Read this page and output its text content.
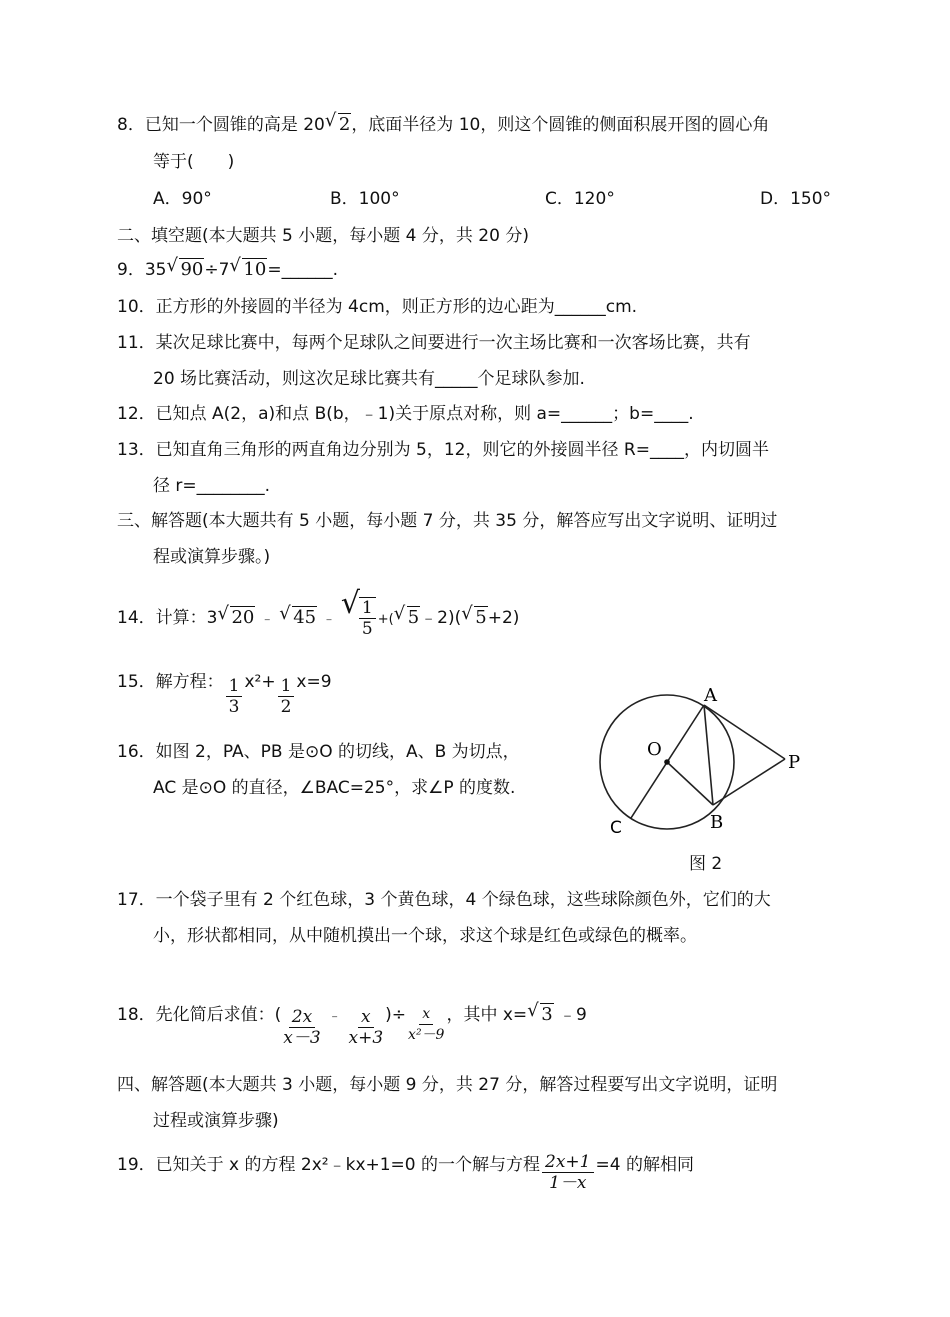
8．已知一个圆锥的高是 20 √ 2，底面半径为 10，则这个圆锥的侧面积展开图的圆心角
等于(　　)
A．90°	B．100°	C．120°	D．150°
二、填空题(本大题共 5 小题，每小题 4 分，共 20 分)
9．35 √ 90÷7 √ 10=______.
10．正方形的外接圆的半径为 4cm，则正方形的边心距为______cm.
11．某次足球比赛中，每两个足球队之间要进行一次主场比赛和一次客场比赛，共有
20 场比赛活动，则这次足球比赛共有_____个足球队参加.
12．已知点 A(2，a)和点 B(b，﹣1)关于原点对称，则 a=______；b=____.
13．已知直角三角形的两直角边分别为 5，12，则它的外接圆半径 R=____，内切圆半
径 r=________.
三、解答题(本大题共有 5 小题，每小题 7 分，共 35 分，解答应写出文字说明、证明过
程或演算步骤。)
14．计算：3 √ 20 ﹣ √ 45 ﹣ √
$\frac{1}{5}$ +( √ 5﹣2)( √ 5+2)
15．解方程： $\frac{1}{3} x^2+ \frac{1}{2} x=9$
16．如图 2，PA、PB 是⊙O 的切线，A、B 为切点，
AC 是⊙O 的直径，∠BAC=25°，求∠P 的度数.
A
B
C
O
P
图 2
17．一个袋子里有 2 个红色球，3 个黄色球，4 个绿色球，这些球除颜色外，它们的大
小，形状都相同，从中随机摸出一个球，求这个球是红色或绿色的概率。
18．先化简后求值：( $\frac{2x}{x-3}$ ﹣ $\frac{x}{x+3}$ )÷ $\frac{x}{\text{x²－9}}$ ，其中 x= √ 3 ﹣9
四、解答题(本大题共 3 小题，每小题 9 分，共 27 分，解答过程要写出文字说明，证明
过程或演算步骤)
19．已知关于 x 的方程 2x²﹣kx+1=0 的一个解与方程 $\frac{2x+1}{1-x} =4$ 的解相同
